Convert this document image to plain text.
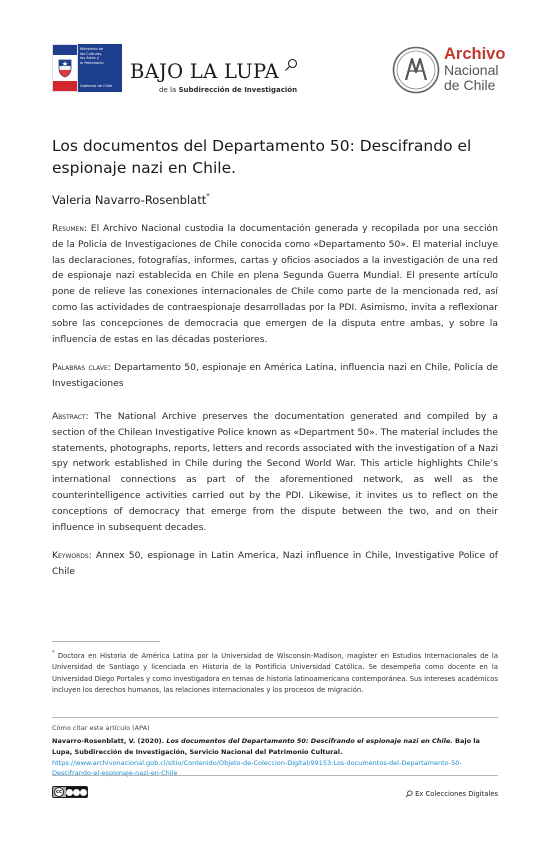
Ministerio de
las Culturas,
las Artes y
el Patrimonio
Gobierno de Chile
BAJO LA LUPA
de la Subdirección de Investigación
Archivo
Nacional
de Chile
Los documentos del Departamento 50: Descifrando el espionaje nazi en Chile.
Valeria Navarro-Rosenblatt*

Resumen: El Archivo Nacional custodia la documentación generada y recopilada por una sección de la Policía de Investigaciones de Chile conocida como «Departamento 50». El material incluye las declaraciones, fotografías, informes, cartas y oficios asociados a la investigación de una red de espionaje nazi establecida en Chile en plena Segunda Guerra Mundial. El presente artículo pone de relieve las conexiones internacionales de Chile como parte de la mencionada red, así como las actividades de contraespionaje desarrolladas por la PDI. Asimismo, invita a reflexionar sobre las concepciones de democracia que emergen de la disputa entre ambas, y sobre la influencia de estas en las décadas posteriores.

Palabras clave: Departamento 50, espionaje en América Latina, influencia nazi en Chile, Policía de Investigaciones

Abstract: The National Archive preserves the documentation generated and compiled by a section of the Chilean Investigative Police known as «Department 50». The material includes the statements, photographs, reports, letters and records associated with the investigation of a Nazi spy network established in Chile during the Second World War. This article highlights Chile’s international connections as part of the aforementioned network, as well as the counterintelligence activities carried out by the PDI. Likewise, it invites us to reflect on the conceptions of democracy that emerge from the dispute between the two, and on their influence in subsequent decades.

Keywords: Annex 50, espionage in Latin America, Nazi influence in Chile, Investigative Police of Chile

* Doctora en Historia de América Latina por la Universidad de Wisconsin-Madison, magíster en Estudios Internacionales de la Universidad de Santiago y licenciada en Historia de la Pontificia Universidad Católica. Se desempeña como docente en la Universidad Diego Portales y como investigadora en temas de historia latinoamericana contemporánea. Sus intereses académicos incluyen los derechos humanos, las relaciones internacionales y los procesos de migración.

Cómo citar este artículo (APA)

Navarro-Rosenblatt, V. (2020). Los documentos del Departamento 50: Descifrando el espionaje nazi en Chile. Bajo la Lupa, Subdirección de Investigación, Servicio Nacional del Patrimonio Cultural. https://www.archivonacional.gob.cl/sitio/Contenido/Objeto-de-Coleccion-Digital/99153:Los-documentos-del-Departamento-50-Descifrando-el-espionaje-nazi-en-Chile

cc	Ex Colecciones Digitales
